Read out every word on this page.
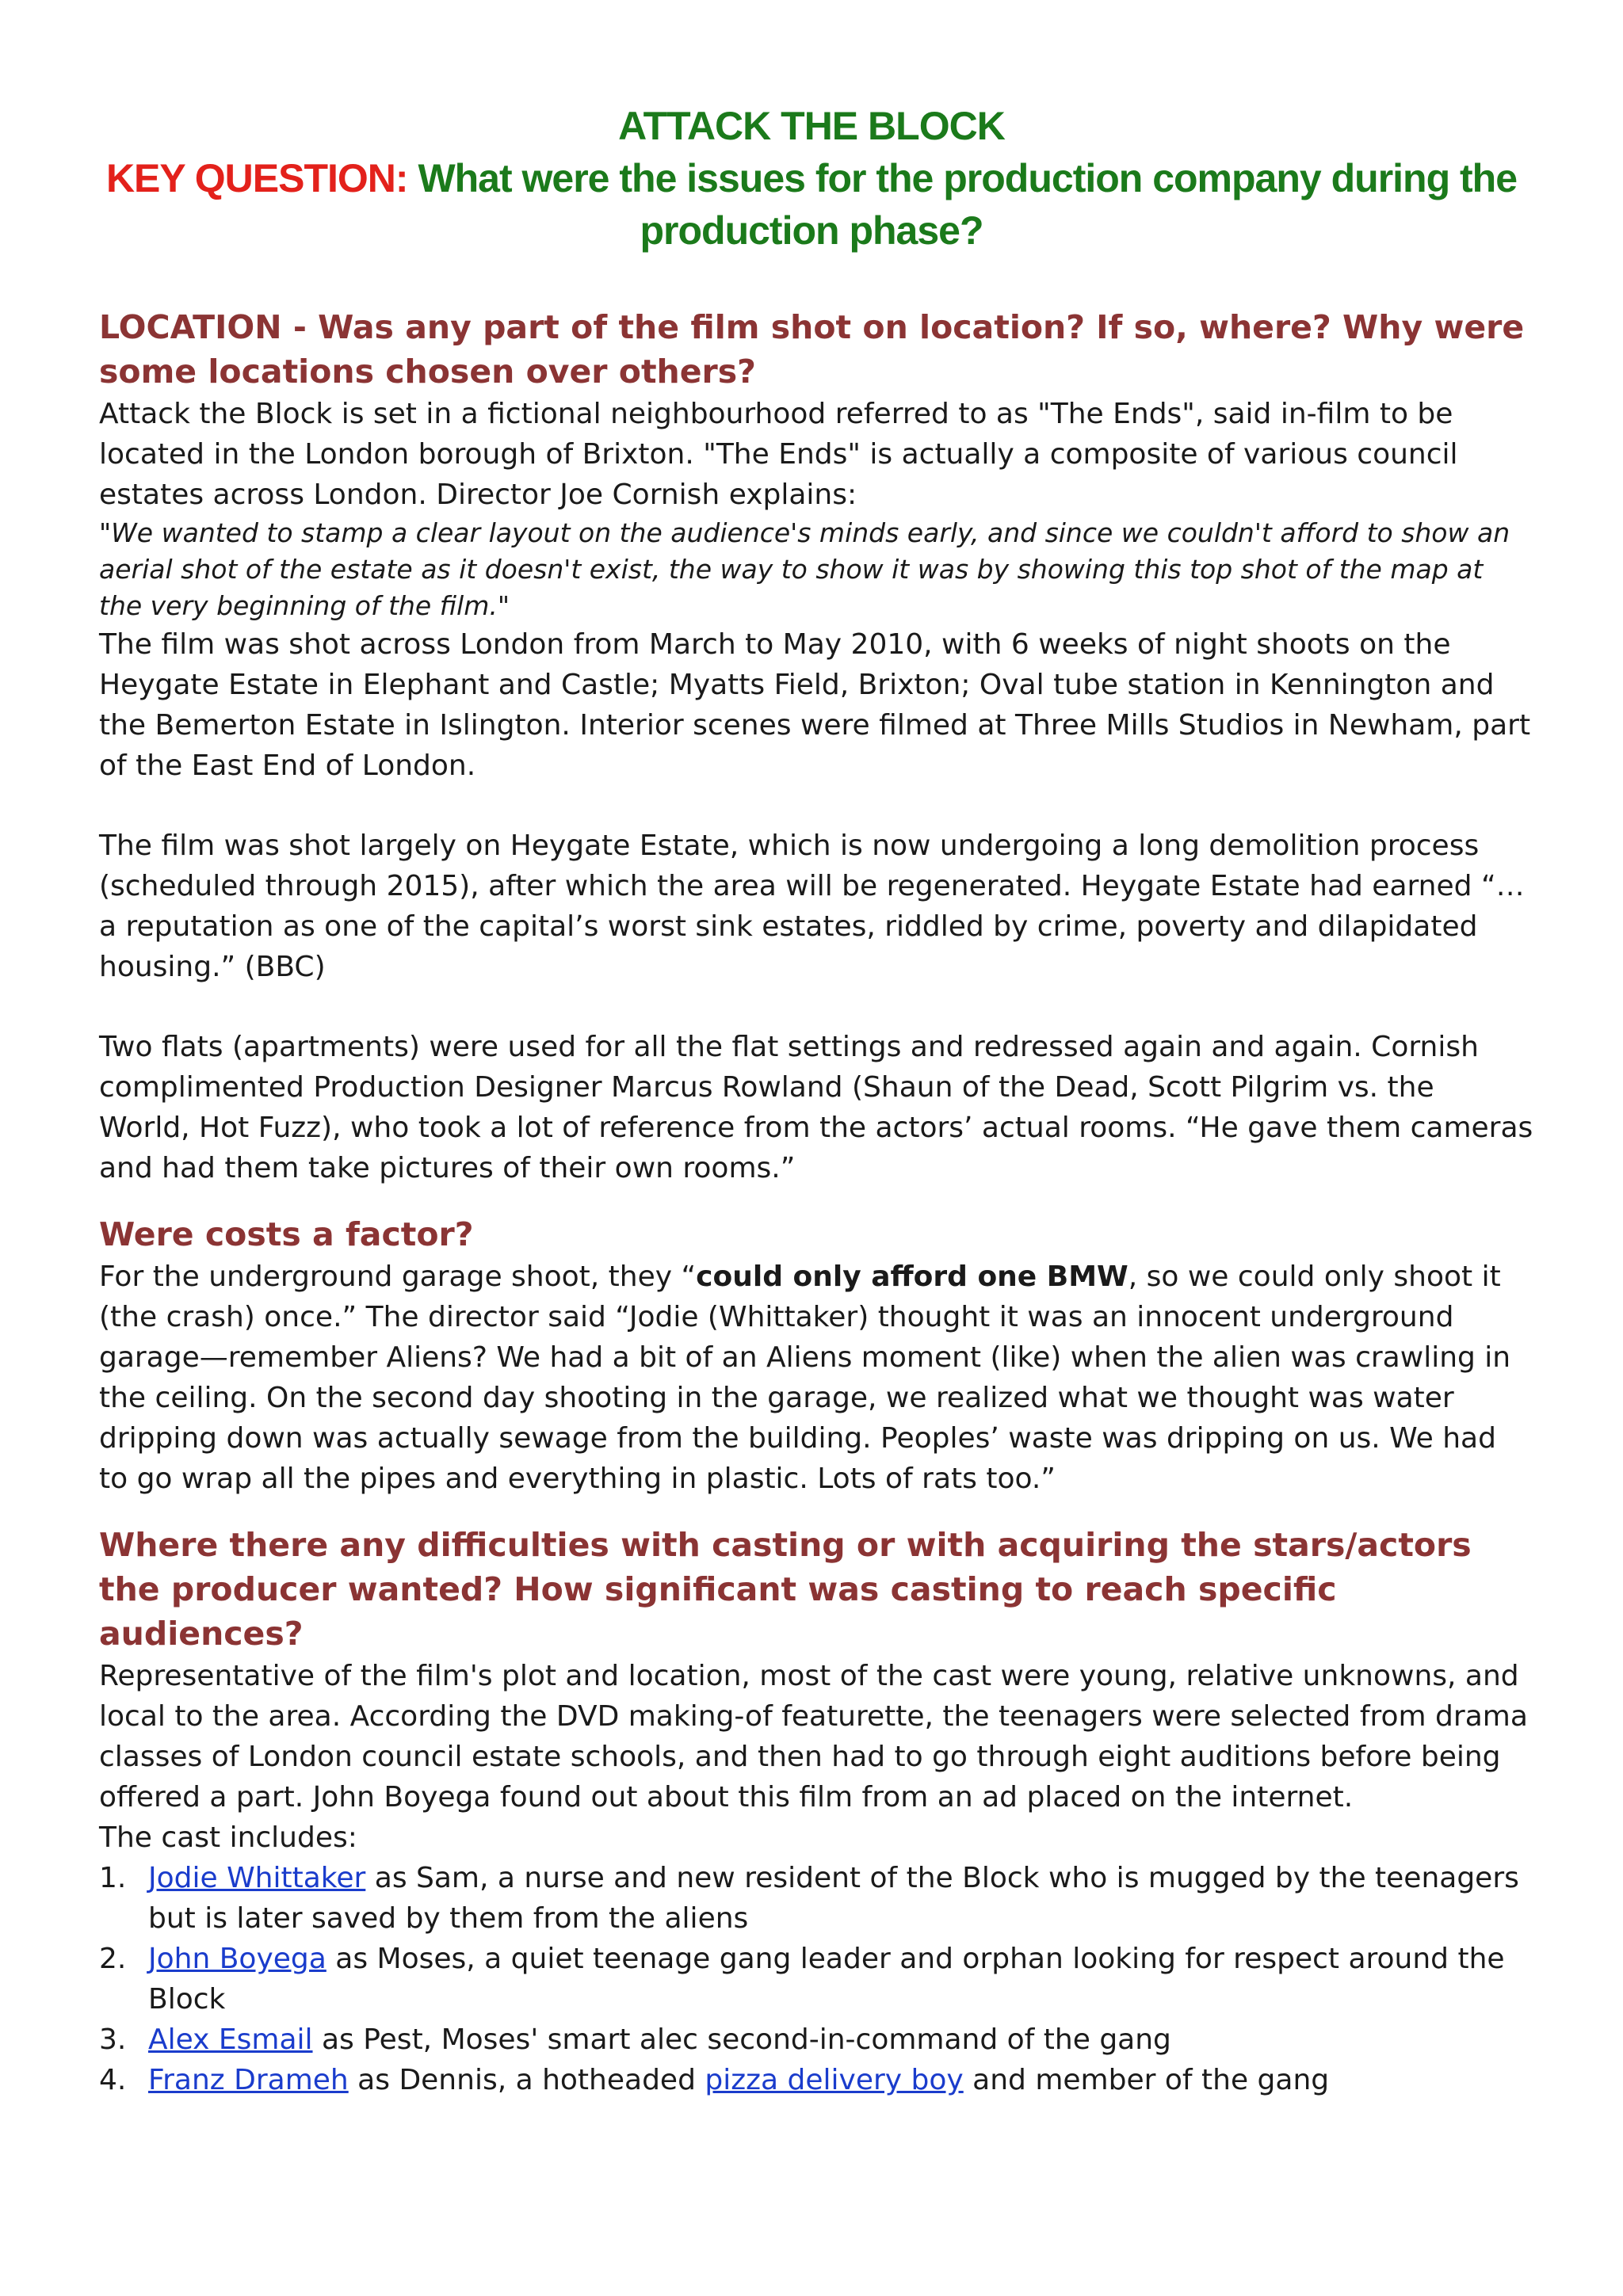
ATTACK THE BLOCK
KEY QUESTION: What were the issues for the production company during the
production phase?
LOCATION - Was any part of the film shot on location? If so, where? Why were some locations chosen over others?

Attack the Block is set in a fictional neighbourhood referred to as "The Ends", said in-film to be located in the London borough of Brixton. "The Ends" is actually a composite of various council estates across London. Director Joe Cornish explains:

"We wanted to stamp a clear layout on the audience's minds early, and since we couldn't afford to show an aerial shot of the estate as it doesn't exist, the way to show it was by showing this top shot of the map at the very beginning of the film."

The film was shot across London from March to May 2010, with 6 weeks of night shoots on the Heygate Estate in Elephant and Castle; Myatts Field, Brixton; Oval tube station in Kennington and the Bemerton Estate in Islington. Interior scenes were filmed at Three Mills Studios in Newham, part of the East End of London.

The film was shot largely on Heygate Estate, which is now undergoing a long demolition process (scheduled through 2015), after which the area will be regenerated. Heygate Estate had earned “…a reputation as one of the capital’s worst sink estates, riddled by crime, poverty and dilapidated housing.” (BBC)

Two flats (apartments) were used for all the flat settings and redressed again and again. Cornish complimented Production Designer Marcus Rowland (Shaun of the Dead, Scott Pilgrim vs. the World, Hot Fuzz), who took a lot of reference from the actors’ actual rooms. “He gave them cameras and had them take pictures of their own rooms.”

Were costs a factor?

For the underground garage shoot, they “could only afford one BMW, so we could only shoot it (the crash) once.” The director said “Jodie (Whittaker) thought it was an innocent underground garage—remember Aliens? We had a bit of an Aliens moment (like) when the alien was crawling in the ceiling. On the second day shooting in the garage, we realized what we thought was water dripping down was actually sewage from the building. Peoples’ waste was dripping on us. We had to go wrap all the pipes and everything in plastic. Lots of rats too.”

Where there any difficulties with casting or with acquiring the stars/actors the producer wanted? How significant was casting to reach specific audiences?

Representative of the film's plot and location, most of the cast were young, relative unknowns, and local to the area. According the DVD making-of featurette, the teenagers were selected from drama classes of London council estate schools, and then had to go through eight auditions before being offered a part. John Boyega found out about this film from an ad placed on the internet.

The cast includes:

1. Jodie Whittaker as Sam, a nurse and new resident of the Block who is mugged by the teenagers but is later saved by them from the aliens
2. John Boyega as Moses, a quiet teenage gang leader and orphan looking for respect around the Block
3. Alex Esmail as Pest, Moses' smart alec second-in-command of the gang
4. Franz Drameh as Dennis, a hotheaded pizza delivery boy and member of the gang
